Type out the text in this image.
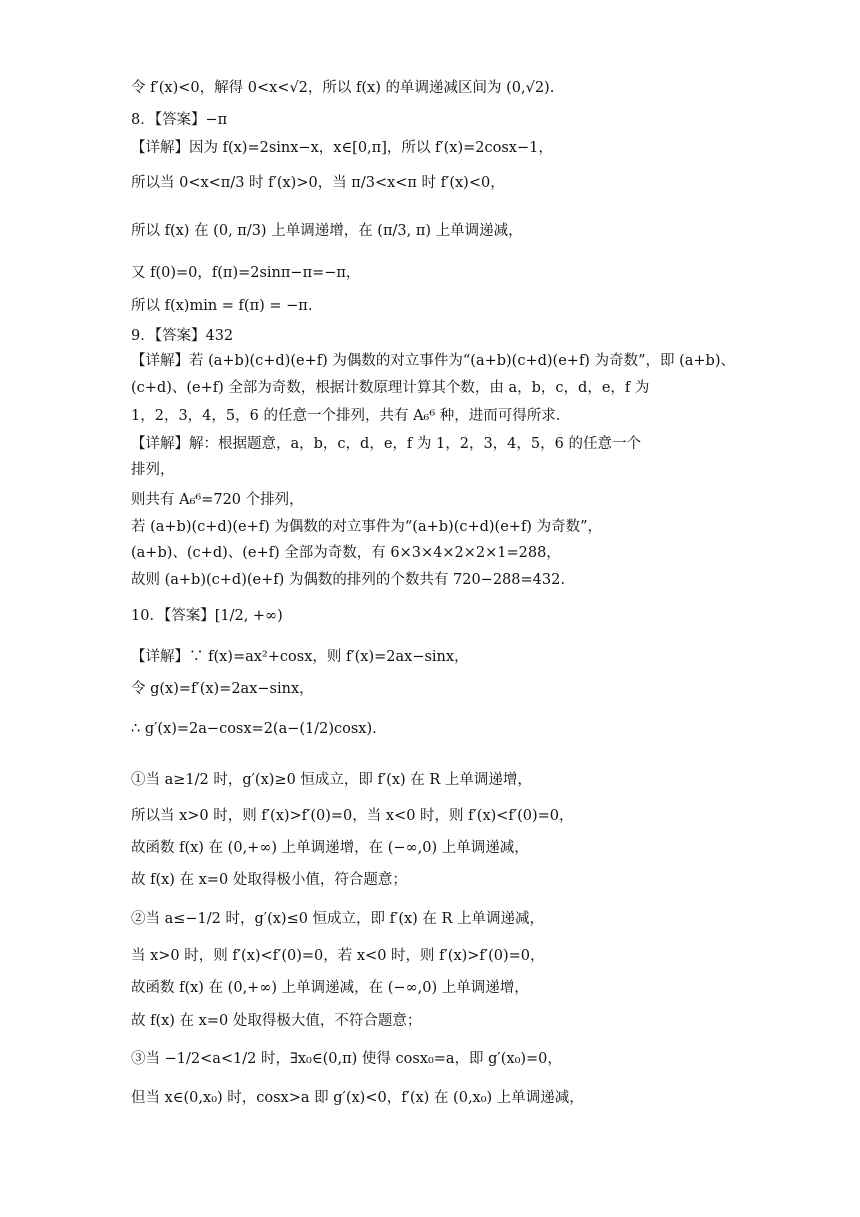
令 f′(x)<0，解得 0<x<√2，所以 f(x) 的单调递减区间为 (0,√2).
8．【答案】−π
【详解】因为 f(x)=2sinx−x，x∈[0,π]，所以 f′(x)=2cosx−1，
所以当 0<x<π/3 时 f′(x)>0，当 π/3<x<π 时 f′(x)<0，
所以 f(x) 在 (0, π/3) 上单调递增，在 (π/3, π) 上单调递减，
又 f(0)=0，f(π)=2sinπ−π=−π，
所以 f(x)min = f(π) = −π.
9．【答案】432
【详解】若 (a+b)(c+d)(e+f) 为偶数的对立事件为“(a+b)(c+d)(e+f) 为奇数”，即 (a+b)、
(c+d)、(e+f) 全部为奇数，根据计数原理计算其个数，由 a，b，c，d，e，f 为
1，2，3，4，5，6 的任意一个排列，共有 A₆⁶ 种，进而可得所求.
【详解】解：根据题意，a，b，c，d，e，f 为 1，2，3，4，5，6 的任意一个
排列，
则共有 A₆⁶=720 个排列，
若 (a+b)(c+d)(e+f) 为偶数的对立事件为“(a+b)(c+d)(e+f) 为奇数”，
(a+b)、(c+d)、(e+f) 全部为奇数，有 6×3×4×2×2×1=288，
故则 (a+b)(c+d)(e+f) 为偶数的排列的个数共有 720−288=432.
10．【答案】[1/2, +∞)
【详解】∵ f(x)=ax²+cosx，则 f′(x)=2ax−sinx，
令 g(x)=f′(x)=2ax−sinx，
∴ g′(x)=2a−cosx=2(a−(1/2)cosx).
①当 a≥1/2 时，g′(x)≥0 恒成立，即 f′(x) 在 R 上单调递增，
所以当 x>0 时，则 f′(x)>f′(0)=0，当 x<0 时，则 f′(x)<f′(0)=0，
故函数 f(x) 在 (0,+∞) 上单调递增，在 (−∞,0) 上单调递减，
故 f(x) 在 x=0 处取得极小值，符合题意；
②当 a≤−1/2 时，g′(x)≤0 恒成立，即 f′(x) 在 R 上单调递减，
当 x>0 时，则 f′(x)<f′(0)=0，若 x<0 时，则 f′(x)>f′(0)=0，
故函数 f(x) 在 (0,+∞) 上单调递减，在 (−∞,0) 上单调递增，
故 f(x) 在 x=0 处取得极大值，不符合题意；
③当 −1/2<a<1/2 时，∃x₀∈(0,π) 使得 cosx₀=a，即 g′(x₀)=0，
但当 x∈(0,x₀) 时，cosx>a 即 g′(x)<0，f′(x) 在 (0,x₀) 上单调递减，
